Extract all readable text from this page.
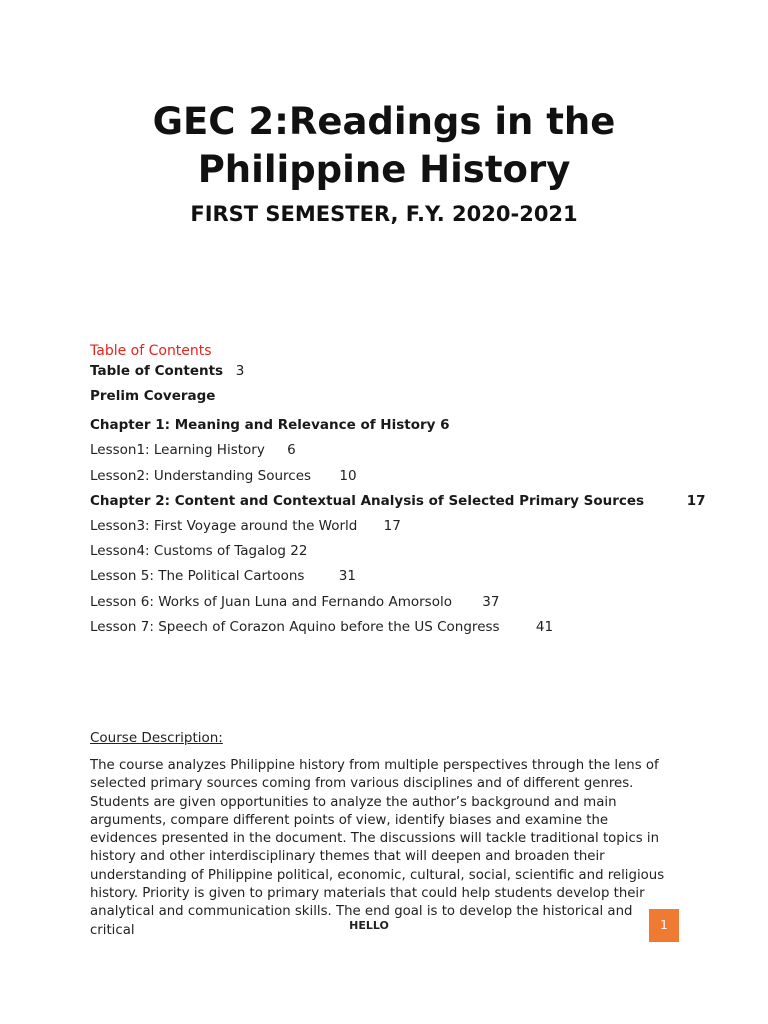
GEC 2:Readings in the
Philippine History
FIRST SEMESTER, F.Y. 2020-2021
Table of Contents
Table of Contents 3
Prelim Coverage
Chapter 1: Meaning and Relevance of History 6
Lesson1: Learning History 6
Lesson2: Understanding Sources 10
Chapter 2: Content and Contextual Analysis of Selected Primary Sources	17
Lesson3: First Voyage around the World 17
Lesson4: Customs of Tagalog 22
Lesson 5: The Political Cartoons	31
Lesson 6: Works of Juan Luna and Fernando Amorsolo 37
Lesson 7: Speech of Corazon Aquino before the US Congress	41
Course Description:
The course analyzes Philippine history from multiple perspectives through the lens of selected primary sources coming from various disciplines and of different genres. Students are given opportunities to analyze the author’s background and main arguments, compare different points of view, identify biases and examine the evidences presented in the document. The discussions will tackle traditional topics in history and other interdisciplinary themes that will deepen and broaden their understanding of Philippine political, economic, cultural, social, scientific and religious history. Priority is given to primary materials that could help students develop their analytical and communication skills. The end goal is to develop the historical and critical	HELLO	1
